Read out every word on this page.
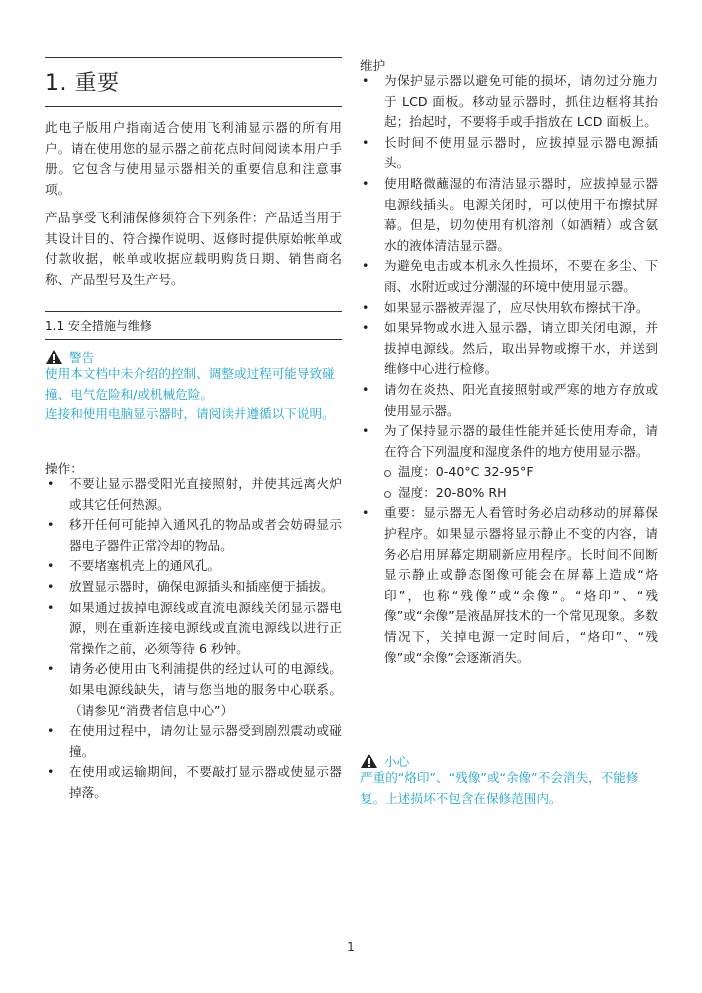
1. 重要
此电子版用户指南适合使用飞利浦显示器的所有用户。请在使用您的显示器之前花点时间阅读本用户手册。它包含与使用显示器相关的重要信息和注意事项。
产品享受飞利浦保修须符合下列条件：产品适当用于其设计目的、符合操作说明、返修时提供原始帐单或付款收据，帐单或收据应载明购货日期、销售商名称、产品型号及生产号。
1.1 安全措施与维修
警告
使用本文档中未介绍的控制、调整或过程可能导致碰撞、电气危险和/或机械危险。
连接和使用电脑显示器时，请阅读并遵循以下说明。
操作：
• 不要让显示器受阳光直接照射，并使其远离火炉或其它任何热源。
• 移开任何可能掉入通风孔的物品或者会妨碍显示器电子器件正常冷却的物品。
• 不要堵塞机壳上的通风孔。
• 放置显示器时，确保电源插头和插座便于插拔。
• 如果通过拔掉电源线或直流电源线关闭显示器电源，则在重新连接电源线或直流电源线以进行正常操作之前，必须等待 6 秒钟。
• 请务必使用由飞利浦提供的经过认可的电源线。如果电源线缺失，请与您当地的服务中心联系。（请参见“消费者信息中心”）
• 在使用过程中，请勿让显示器受到剧烈震动或碰撞。
• 在使用或运输期间，不要敲打显示器或使显示器掉落。
维护
• 为保护显示器以避免可能的损坏，请勿过分施力于 LCD 面板。移动显示器时，抓住边框将其抬起；抬起时，不要将手或手指放在 LCD 面板上。
• 长时间不使用显示器时，应拔掉显示器电源插头。
• 使用略微蘸湿的布清洁显示器时，应拔掉显示器电源线插头。电源关闭时，可以使用干布擦拭屏幕。但是，切勿使用有机溶剂（如酒精）或含氨水的液体清洁显示器。
• 为避免电击或本机永久性损坏，不要在多尘、下雨、水附近或过分潮湿的环境中使用显示器。
• 如果显示器被弄湿了，应尽快用软布擦拭干净。
• 如果异物或水进入显示器，请立即关闭电源，并拔掉电源线。然后，取出异物或擦干水，并送到维修中心进行检修。
• 请勿在炎热、阳光直接照射或严寒的地方存放或使用显示器。
• 为了保持显示器的最佳性能并延长使用寿命，请在符合下列温度和湿度条件的地方使用显示器。
温度：0-40°C 32-95°F
湿度：20-80% RH
• 重要：显示器无人看管时务必启动移动的屏幕保护程序。如果显示器将显示静止不变的内容，请务必启用屏幕定期刷新应用程序。长时间不间断显示静止或静态图像可能会在屏幕上造成“烙印”，也称“残像”或“余像”。“烙印”、“残像”或“余像”是液晶屏技术的一个常见现象。多数情况下，关掉电源一定时间后，“烙印”、“残像”或“余像”会逐渐消失。
小心
严重的“烙印”、“残像”或“余像”不会消失，不能修复。上述损坏不包含在保修范围内。
1
